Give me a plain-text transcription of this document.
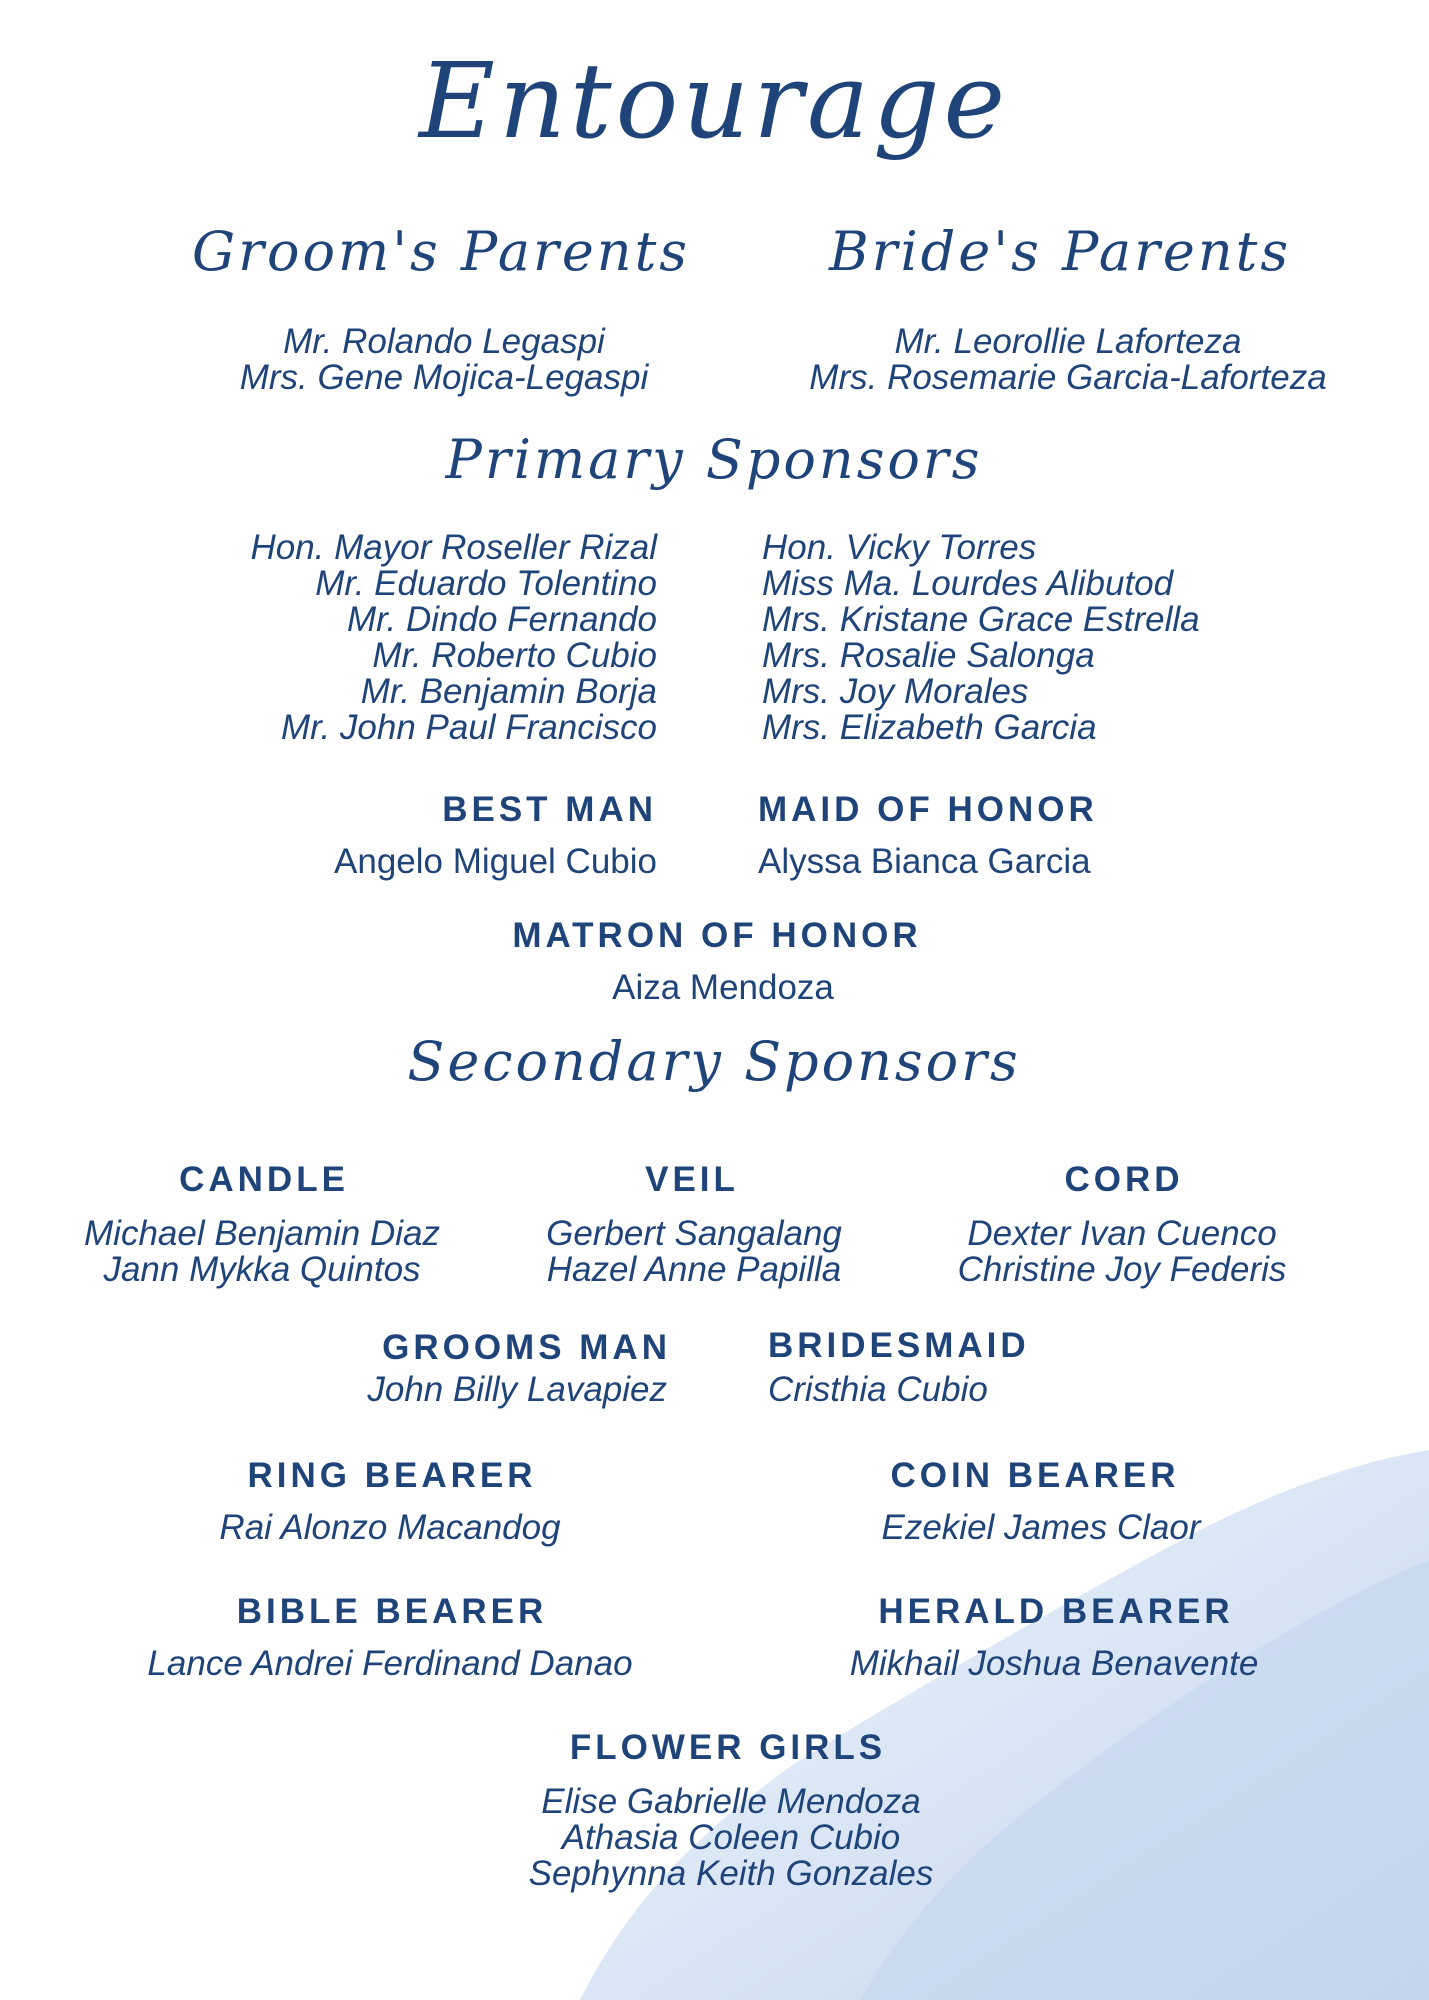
Entourage
Groom's Parents	Bride's Parents
Mr. Rolando Legaspi
Mrs. Gene Mojica-Legaspi
Mr. Leorollie Laforteza
Mrs. Rosemarie Garcia-Laforteza
Primary Sponsors
Hon. Mayor Roseller Rizal
Mr. Eduardo Tolentino
Mr. Dindo Fernando
Mr. Roberto Cubio
Mr. Benjamin Borja
Mr. John Paul Francisco
Hon. Vicky Torres
Miss Ma. Lourdes Alibutod
Mrs. Kristane Grace Estrella
Mrs. Rosalie Salonga
Mrs. Joy Morales
Mrs. Elizabeth Garcia
BEST MAN
Angelo Miguel Cubio
MAID OF HONOR
Alyssa Bianca Garcia
MATRON OF HONOR
Aiza Mendoza
Secondary Sponsors
CANDLE
Michael Benjamin Diaz
Jann Mykka Quintos
VEIL
Gerbert Sangalang
Hazel Anne Papilla
CORD
Dexter Ivan Cuenco
Christine Joy Federis
GROOMS MAN
John Billy Lavapiez
BRIDESMAID
Cristhia Cubio
RING BEARER
Rai Alonzo Macandog
COIN BEARER
Ezekiel James Claor
BIBLE BEARER
Lance Andrei Ferdinand Danao
HERALD BEARER
Mikhail Joshua Benavente
FLOWER GIRLS
Elise Gabrielle Mendoza
Athasia Coleen Cubio
Sephynna Keith Gonzales
